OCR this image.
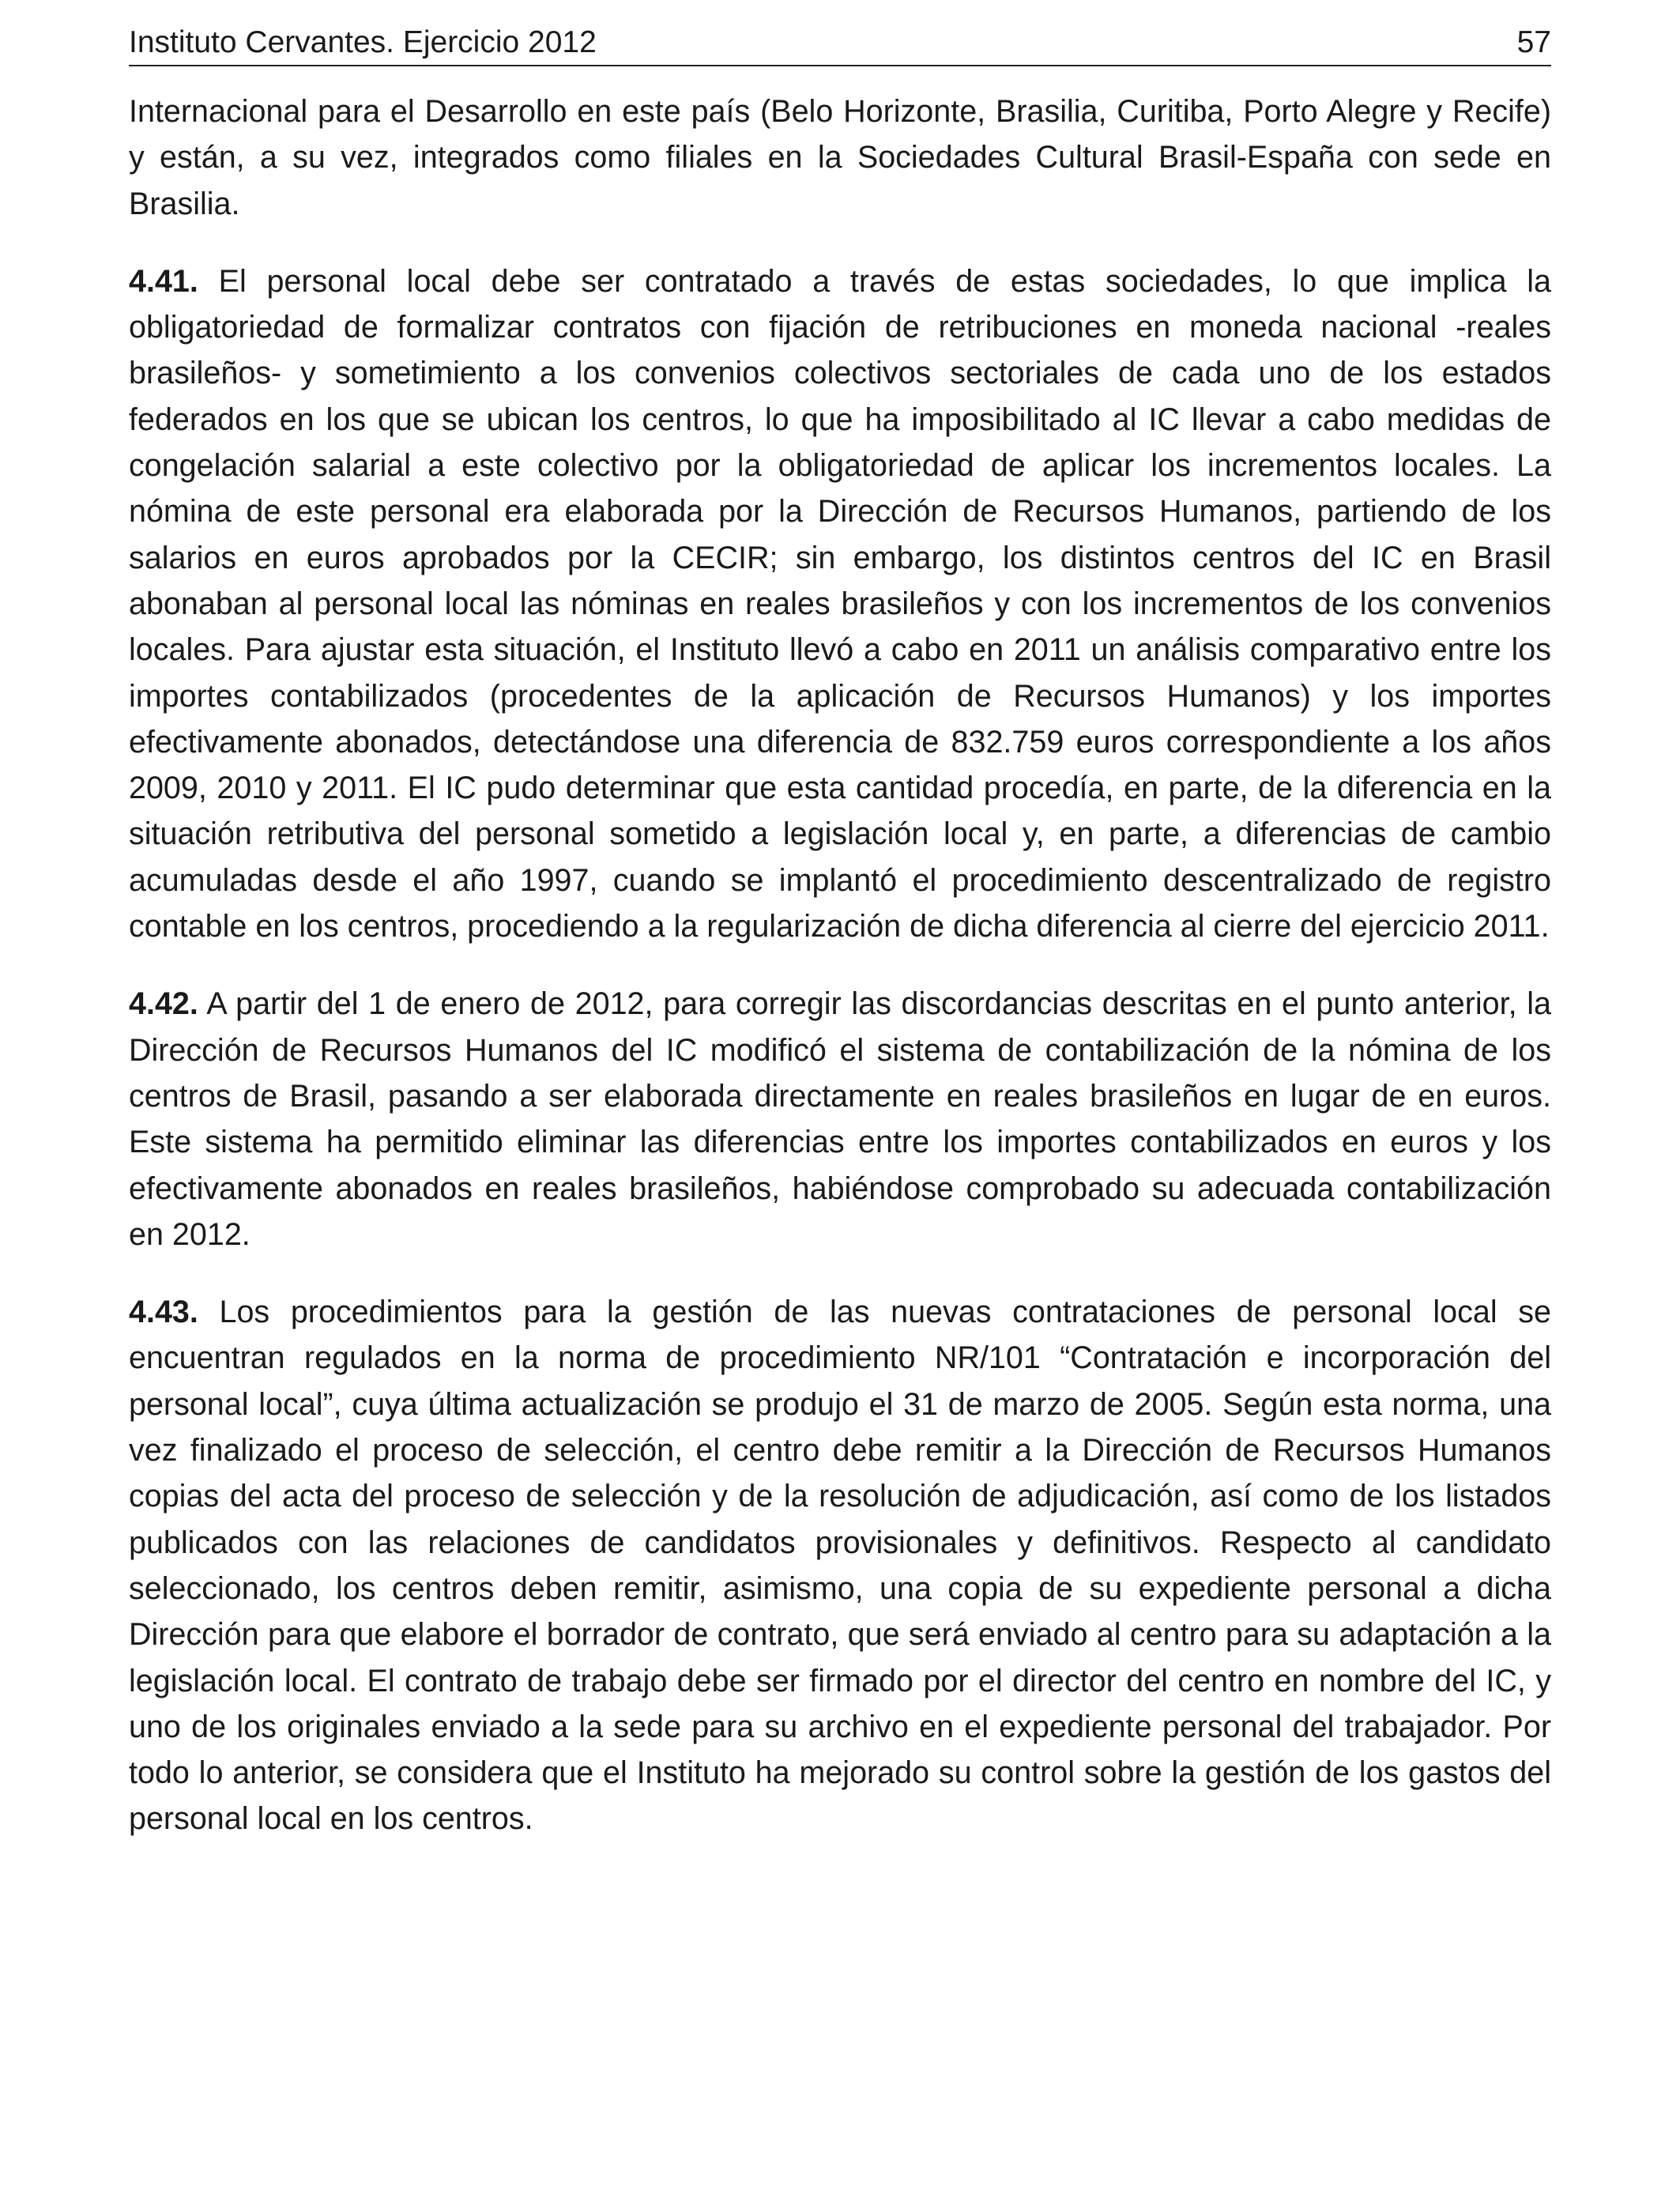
Instituto Cervantes. Ejercicio 2012	57

Internacional para el Desarrollo en este país (Belo Horizonte, Brasilia, Curitiba, Porto Alegre y Recife) y están, a su vez, integrados como filiales en la Sociedades Cultural Brasil-España con sede en Brasilia.

4.41. El personal local debe ser contratado a través de estas sociedades, lo que implica la obligatoriedad de formalizar contratos con fijación de retribuciones en moneda nacional -reales brasileños- y sometimiento a los convenios colectivos sectoriales de cada uno de los estados federados en los que se ubican los centros, lo que ha imposibilitado al IC llevar a cabo medidas de congelación salarial a este colectivo por la obligatoriedad de aplicar los incrementos locales. La nómina de este personal era elaborada por la Dirección de Recursos Humanos, partiendo de los salarios en euros aprobados por la CECIR; sin embargo, los distintos centros del IC en Brasil abonaban al personal local las nóminas en reales brasileños y con los incrementos de los convenios locales. Para ajustar esta situación, el Instituto llevó a cabo en 2011 un análisis comparativo entre los importes contabilizados (procedentes de la aplicación de Recursos Humanos) y los importes efectivamente abonados, detectándose una diferencia de 832.759 euros correspondiente a los años 2009, 2010 y 2011. El IC pudo determinar que esta cantidad procedía, en parte, de la diferencia en la situación retributiva del personal sometido a legislación local y, en parte, a diferencias de cambio acumuladas desde el año 1997, cuando se implantó el procedimiento descentralizado de registro contable en los centros, procediendo a la regularización de dicha diferencia al cierre del ejercicio 2011.

4.42. A partir del 1 de enero de 2012, para corregir las discordancias descritas en el punto anterior, la Dirección de Recursos Humanos del IC modificó el sistema de contabilización de la nómina de los centros de Brasil, pasando a ser elaborada directamente en reales brasileños en lugar de en euros. Este sistema ha permitido eliminar las diferencias entre los importes contabilizados en euros y los efectivamente abonados en reales brasileños, habiéndose comprobado su adecuada contabilización en 2012.

4.43. Los procedimientos para la gestión de las nuevas contrataciones de personal local se encuentran regulados en la norma de procedimiento NR/101 “Contratación e incorporación del personal local”, cuya última actualización se produjo el 31 de marzo de 2005. Según esta norma, una vez finalizado el proceso de selección, el centro debe remitir a la Dirección de Recursos Humanos copias del acta del proceso de selección y de la resolución de adjudicación, así como de los listados publicados con las relaciones de candidatos provisionales y definitivos. Respecto al candidato seleccionado, los centros deben remitir, asimismo, una copia de su expediente personal a dicha Dirección para que elabore el borrador de contrato, que será enviado al centro para su adaptación a la legislación local. El contrato de trabajo debe ser firmado por el director del centro en nombre del IC, y uno de los originales enviado a la sede para su archivo en el expediente personal del trabajador. Por todo lo anterior, se considera que el Instituto ha mejorado su control sobre la gestión de los gastos del personal local en los centros.
